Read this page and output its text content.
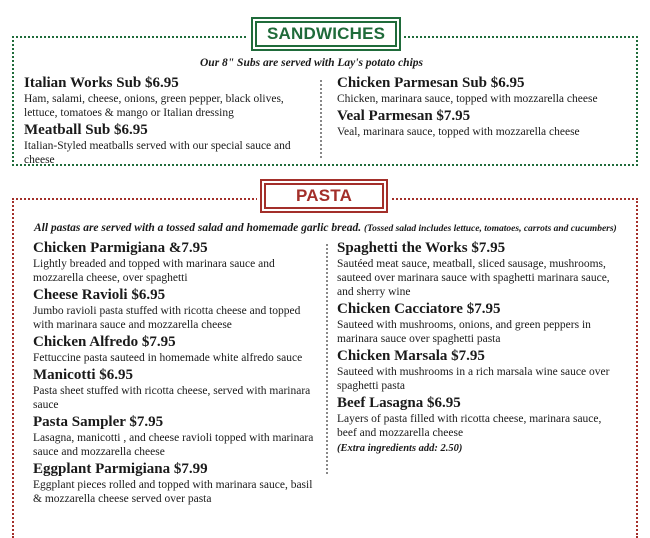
SANDWICHES
Our 8" Subs are served with Lay's potato chips
Italian Works Sub $6.95
Ham, salami, cheese, onions, green pepper, black olives, lettuce, tomatoes & mango or Italian dressing
Meatball Sub $6.95
Italian-Styled meatballs served with our special sauce and cheese
Chicken Parmesan Sub $6.95
Chicken, marinara sauce, topped with mozzarella cheese
Veal Parmesan $7.95
Veal, marinara sauce, topped with mozzarella cheese
PASTA
All pastas are served with a tossed salad and homemade garlic bread. (Tossed salad includes lettuce, tomatoes, carrots and cucumbers)
Chicken Parmigiana &7.95
Lightly breaded and topped with marinara sauce and mozzarella cheese, over spaghetti
Cheese Ravioli $6.95
Jumbo ravioli pasta stuffed with ricotta cheese and topped with marinara sauce and mozzarella cheese
Chicken Alfredo $7.95
Fettuccine pasta sauteed in homemade white alfredo sauce
Manicotti $6.95
Pasta sheet stuffed with ricotta cheese, served with marinara sauce
Pasta Sampler $7.95
Lasagna, manicotti , and cheese ravioli topped with marinara sauce and mozzarella cheese
Eggplant Parmigiana $7.99
Eggplant pieces rolled and topped with marinara sauce, basil & mozzarella cheese served over pasta
Spaghetti the Works $7.95
Sautéed meat sauce, meatball, sliced sausage, mushrooms, sauteed over marinara sauce with spaghetti marinara sauce, and sherry wine
Chicken Cacciatore $7.95
Sauteed with mushrooms, onions, and green peppers in marinara sauce over spaghetti pasta
Chicken Marsala $7.95
Sauteed with mushrooms in a rich marsala wine sauce over spaghetti pasta
Beef Lasagna $6.95
Layers of pasta filled with ricotta cheese, marinara sauce, beef and mozzarella cheese
(Extra ingredients add: 2.50)
